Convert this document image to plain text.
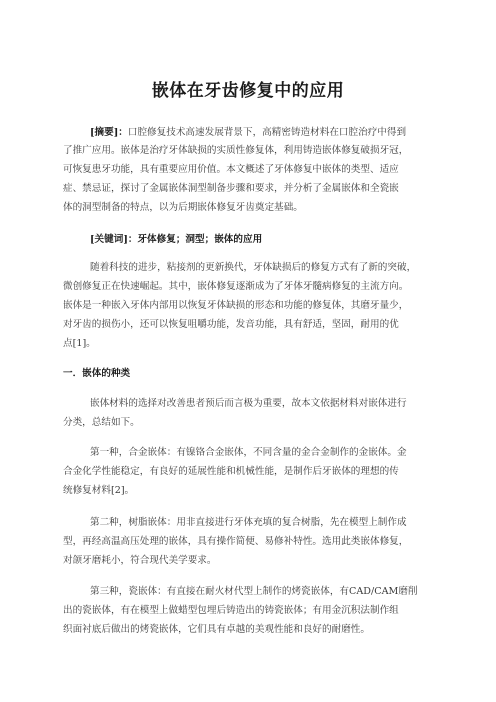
嵌体在牙齿修复中的应用
[摘要]：口腔修复技术高速发展背景下，高精密铸造材料在口腔治疗中得到
了推广应用。嵌体是治疗牙体缺损的实质性修复体，利用铸造嵌体修复破损牙冠，
可恢复患牙功能，具有重要应用价值。本文概述了牙体修复中嵌体的类型、适应
症、禁忌证，探讨了金属嵌体洞型制备步骤和要求，并分析了金属嵌体和全瓷嵌
体的洞型制备的特点，以为后期嵌体修复牙齿奠定基础。
[关键词]：牙体修复；洞型；嵌体的应用
随着科技的进步，粘接剂的更新换代，牙体缺损后的修复方式有了新的突破，
微创修复正在快速崛起。其中，嵌体修复逐渐成为了牙体牙髓病修复的主流方向。
嵌体是一种嵌入牙体内部用以恢复牙体缺损的形态和功能的修复体，其磨牙量少，
对牙齿的损伤小，还可以恢复咀嚼功能，发音功能，具有舒适，坚固，耐用的优
点[1]。
一．嵌体的种类
嵌体材料的选择对改善患者预后而言极为重要，故本文依据材料对嵌体进行
分类，总结如下。
第一种，合金嵌体：有镍铬合金嵌体，不同含量的金合金制作的金嵌体。金
合金化学性能稳定，有良好的延展性能和机械性能，是制作后牙嵌体的理想的传
统修复材料[2]。
第二种，树脂嵌体：用非直接进行牙体充填的复合树脂，先在模型上制作成
型，再经高温高压处理的嵌体，具有操作简便、易修补特性。选用此类嵌体修复，
对颌牙磨耗小，符合现代美学要求。
第三种，瓷嵌体：有直接在耐火材代型上制作的烤瓷嵌体，有CAD/CAM磨削
出的瓷嵌体，有在模型上做蜡型包埋后铸造出的铸瓷嵌体；有用金沉积法制作组
织面衬底后做出的烤瓷嵌体，它们具有卓越的美观性能和良好的耐磨性。
